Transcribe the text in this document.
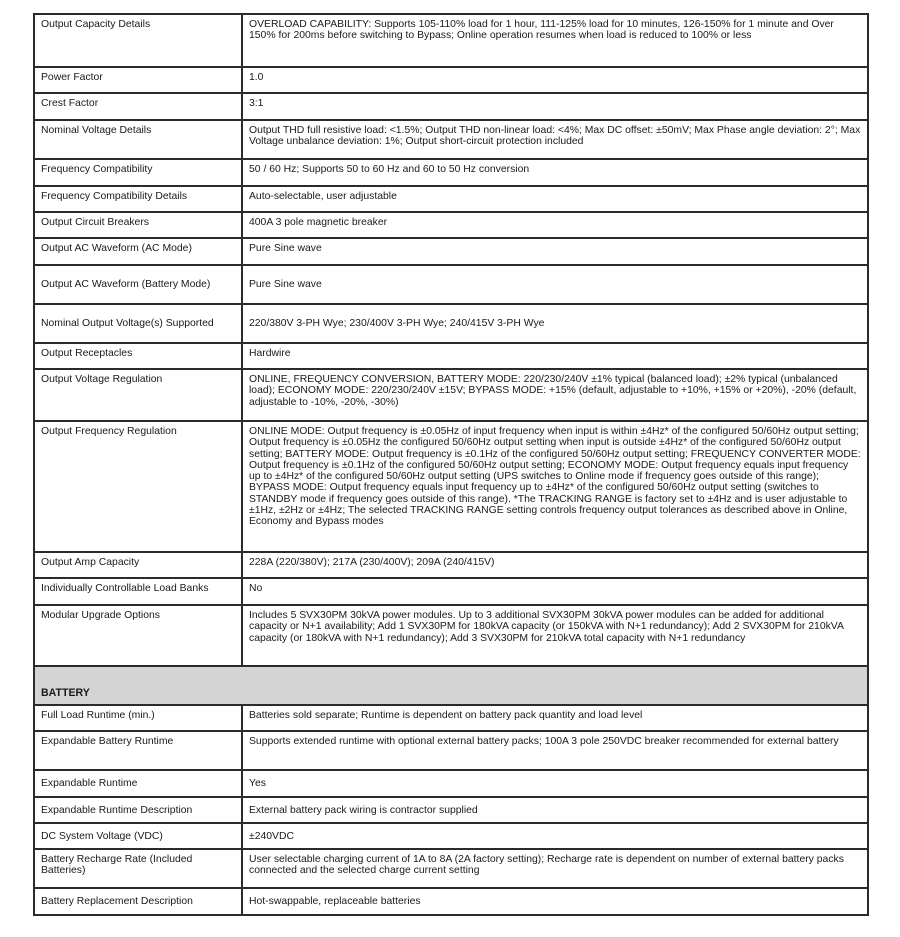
Output Capacity Details	OVERLOAD CAPABILITY: Supports 105-110% load for 1 hour, 111-125% load for 10 minutes, 126-150% for 1 minute and Over 150% for 200ms before switching to Bypass; Online operation resumes when load is reduced to 100% or less
Power Factor	1.0
Crest Factor	3:1
Nominal Voltage Details	Output THD full resistive load: <1.5%; Output THD non-linear load: <4%; Max DC offset: ±50mV; Max Phase angle deviation: 2°; Max Voltage unbalance deviation: 1%; Output short-circuit protection included
Frequency Compatibility	50 / 60 Hz; Supports 50 to 60 Hz and 60 to 50 Hz conversion
Frequency Compatibility Details	Auto-selectable, user adjustable
Output Circuit Breakers	400A 3 pole magnetic breaker
Output AC Waveform (AC Mode)	Pure Sine wave
Output AC Waveform (Battery Mode)	Pure Sine wave
Nominal Output Voltage(s) Supported	220/380V 3-PH Wye; 230/400V 3-PH Wye; 240/415V 3-PH Wye
Output Receptacles	Hardwire
Output Voltage Regulation	ONLINE, FREQUENCY CONVERSION, BATTERY MODE: 220/230/240V ±1% typical (balanced load); ±2% typical (unbalanced load); ECONOMY MODE: 220/230/240V ±15V; BYPASS MODE: +15% (default, adjustable to +10%, +15% or +20%), -20% (default, adjustable to -10%, -20%, -30%)
Output Frequency Regulation	ONLINE MODE: Output frequency is ±0.05Hz of input frequency when input is within ±4Hz* of the configured 50/60Hz output setting; Output frequency is ±0.05Hz the configured 50/60Hz output setting when input is outside ±4Hz* of the configured 50/60Hz output setting; BATTERY MODE: Output frequency is ±0.1Hz of the configured 50/60Hz output setting; FREQUENCY CONVERTER MODE: Output frequency is ±0.1Hz of the configured 50/60Hz output setting; ECONOMY MODE: Output frequency equals input frequency up to ±4Hz* of the configured 50/60Hz output setting (UPS switches to Online mode if frequency goes outside of this range); BYPASS MODE: Output frequency equals input frequency up to ±4Hz* of the configured 50/60Hz output setting (switches to STANDBY mode if frequency goes outside of this range). *The TRACKING RANGE is factory set to ±4Hz and is user adjustable to ±1Hz, ±2Hz or ±4Hz; The selected TRACKING RANGE setting controls frequency output tolerances as described above in Online, Economy and Bypass modes
Output Amp Capacity	228A (220/380V); 217A (230/400V); 209A (240/415V)
Individually Controllable Load Banks	No
Modular Upgrade Options	Includes 5 SVX30PM 30kVA power modules. Up to 3 additional SVX30PM 30kVA power modules can be added for additional capacity or N+1 availability; Add 1 SVX30PM for 180kVA capacity (or 150kVA with N+1 redundancy); Add 2 SVX30PM for 210kVA capacity (or 180kVA with N+1 redundancy); Add 3 SVX30PM for 210kVA total capacity with N+1 redundancy
BATTERY	
Full Load Runtime (min.)	Batteries sold separate; Runtime is dependent on battery pack quantity and load level
Expandable Battery Runtime	Supports extended runtime with optional external battery packs; 100A 3 pole 250VDC breaker recommended for external battery
Expandable Runtime	Yes
Expandable Runtime Description	External battery pack wiring is contractor supplied
DC System Voltage (VDC)	±240VDC
Battery Recharge Rate (Included Batteries)	User selectable charging current of 1A to 8A (2A factory setting); Recharge rate is dependent on number of external battery packs connected and the selected charge current setting
Battery Replacement Description	Hot-swappable, replaceable batteries
